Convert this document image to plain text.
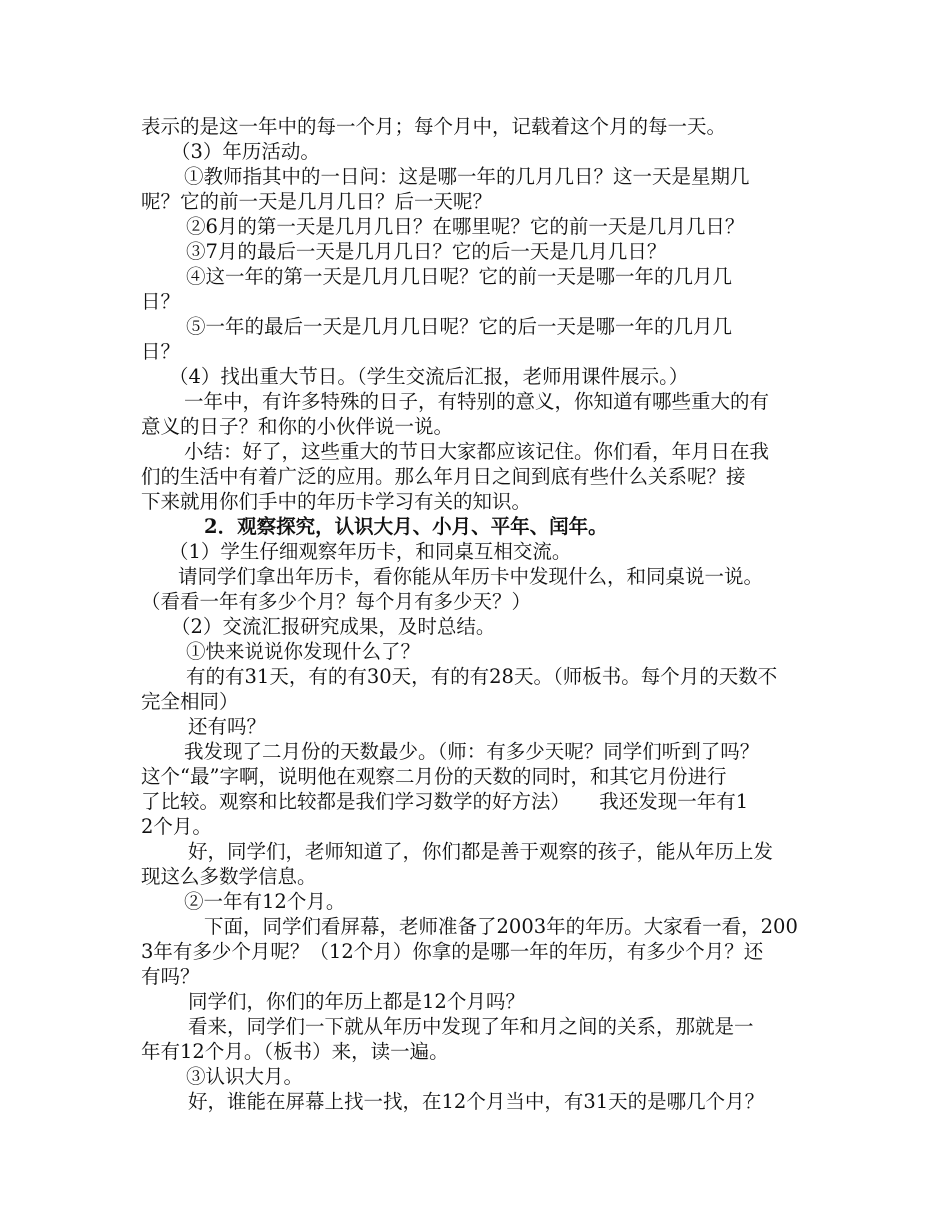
表示的是这一年中的每一个月；每个月中，记载着这个月的每一天。
（3）年历活动。
①教师指其中的一日问：这是哪一年的几月几日？这一天是星期几
呢？它的前一天是几月几日？后一天呢？
②6月的第一天是几月几日？在哪里呢？它的前一天是几月几日？
③7月的最后一天是几月几日？它的后一天是几月几日？
④这一年的第一天是几月几日呢？它的前一天是哪一年的几月几
日？
⑤一年的最后一天是几月几日呢？它的后一天是哪一年的几月几
日？
（4）找出重大节日。（学生交流后汇报，老师用课件展示。）
一年中，有许多特殊的日子，有特别的意义，你知道有哪些重大的有
意义的日子？和你的小伙伴说一说。
小结：好了，这些重大的节日大家都应该记住。你们看，年月日在我
们的生活中有着广泛的应用。那么年月日之间到底有些什么关系呢？接
下来就用你们手中的年历卡学习有关的知识。
2．观察探究，认识大月、小月、平年、闰年。
（1）学生仔细观察年历卡，和同桌互相交流。
请同学们拿出年历卡，看你能从年历卡中发现什么，和同桌说一说。
（看看一年有多少个月？每个月有多少天？）
（2）交流汇报研究成果，及时总结。
①快来说说你发现什么了？
有的有31天，有的有30天，有的有28天。（师板书。每个月的天数不
完全相同）
还有吗？
我发现了二月份的天数最少。（师：有多少天呢？同学们听到了吗？
这个“最”字啊，说明他在观察二月份的天数的同时，和其它月份进行
了比较。观察和比较都是我们学习数学的好方法）　　我还发现一年有1
2个月。
好，同学们，老师知道了，你们都是善于观察的孩子，能从年历上发
现这么多数学信息。
②一年有12个月。
下面，同学们看屏幕，老师准备了2003年的年历。大家看一看，200
3年有多少个月呢？（12个月）你拿的是哪一年的年历，有多少个月？还
有吗？
同学们，你们的年历上都是12个月吗？
看来，同学们一下就从年历中发现了年和月之间的关系，那就是一
年有12个月。（板书）来，读一遍。
③认识大月。
好，谁能在屏幕上找一找，在12个月当中，有31天的是哪几个月？
